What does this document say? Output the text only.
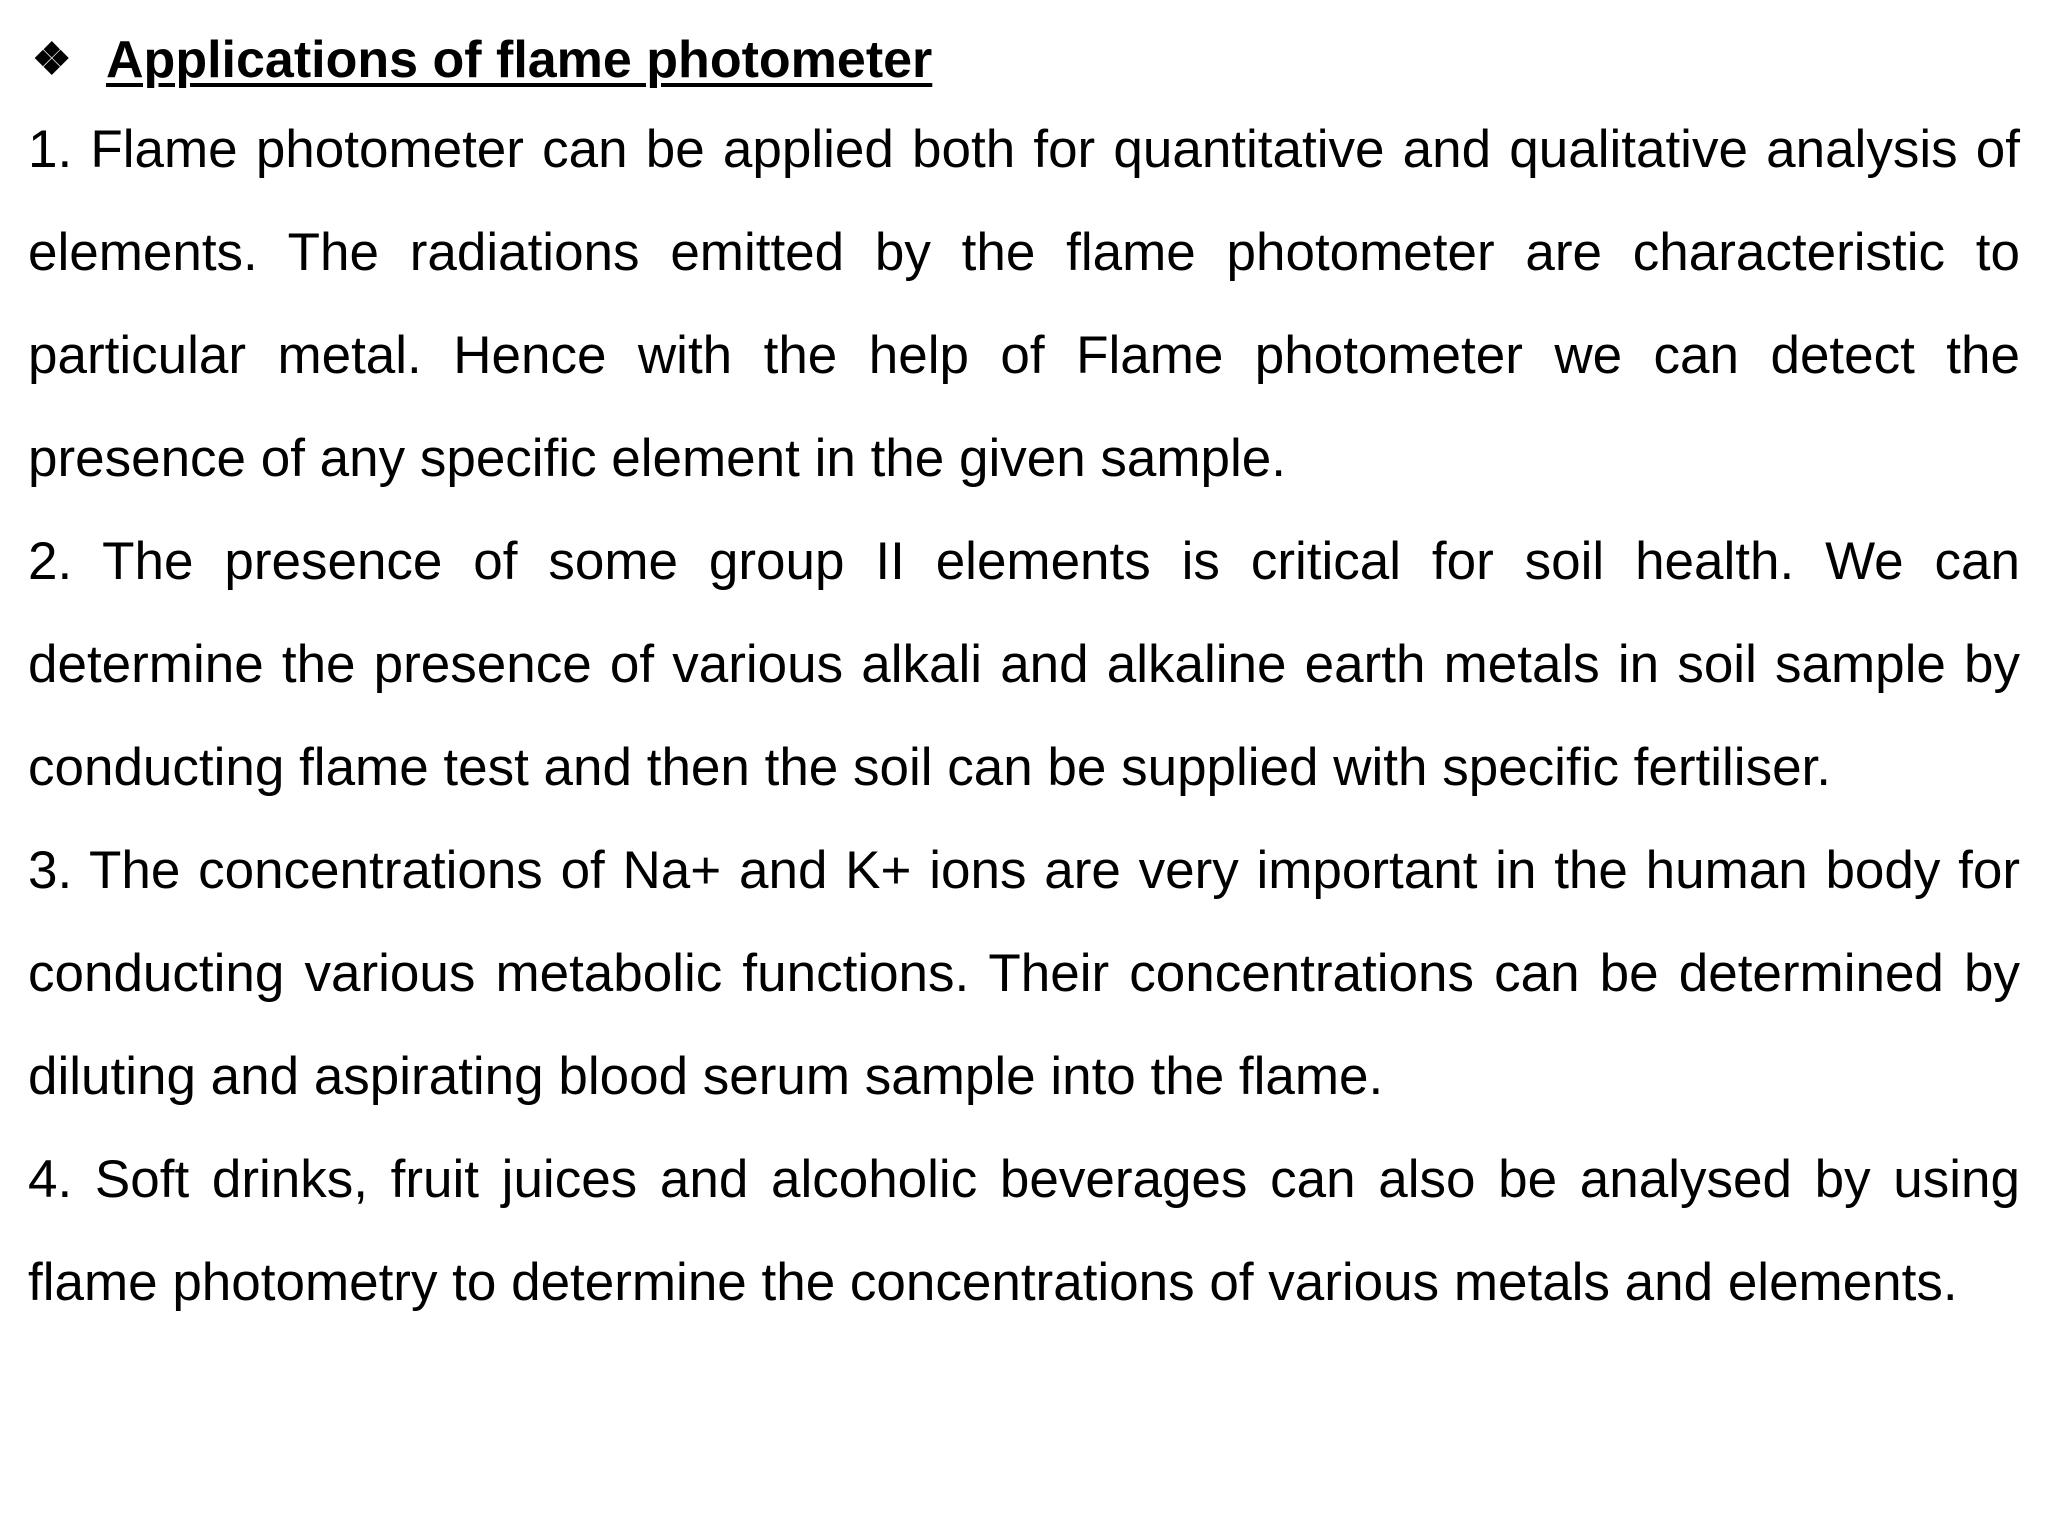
❖ Applications of flame photometer

1. Flame photometer can be applied both for quantitative and qualitative analysis of elements. The radiations emitted by the flame photometer are characteristic to particular metal. Hence with the help of Flame photometer we can detect the presence of any specific element in the given sample.

2. The presence of some group II elements is critical for soil health. We can determine the presence of various alkali and alkaline earth metals in soil sample by conducting flame test and then the soil can be supplied with specific fertiliser.

3. The concentrations of Na+ and K+ ions are very important in the human body for conducting various metabolic functions. Their concentrations can be determined by diluting and aspirating blood serum sample into the flame.

4. Soft drinks, fruit juices and alcoholic beverages can also be analysed by using flame photometry to determine the concentrations of various metals and elements.
